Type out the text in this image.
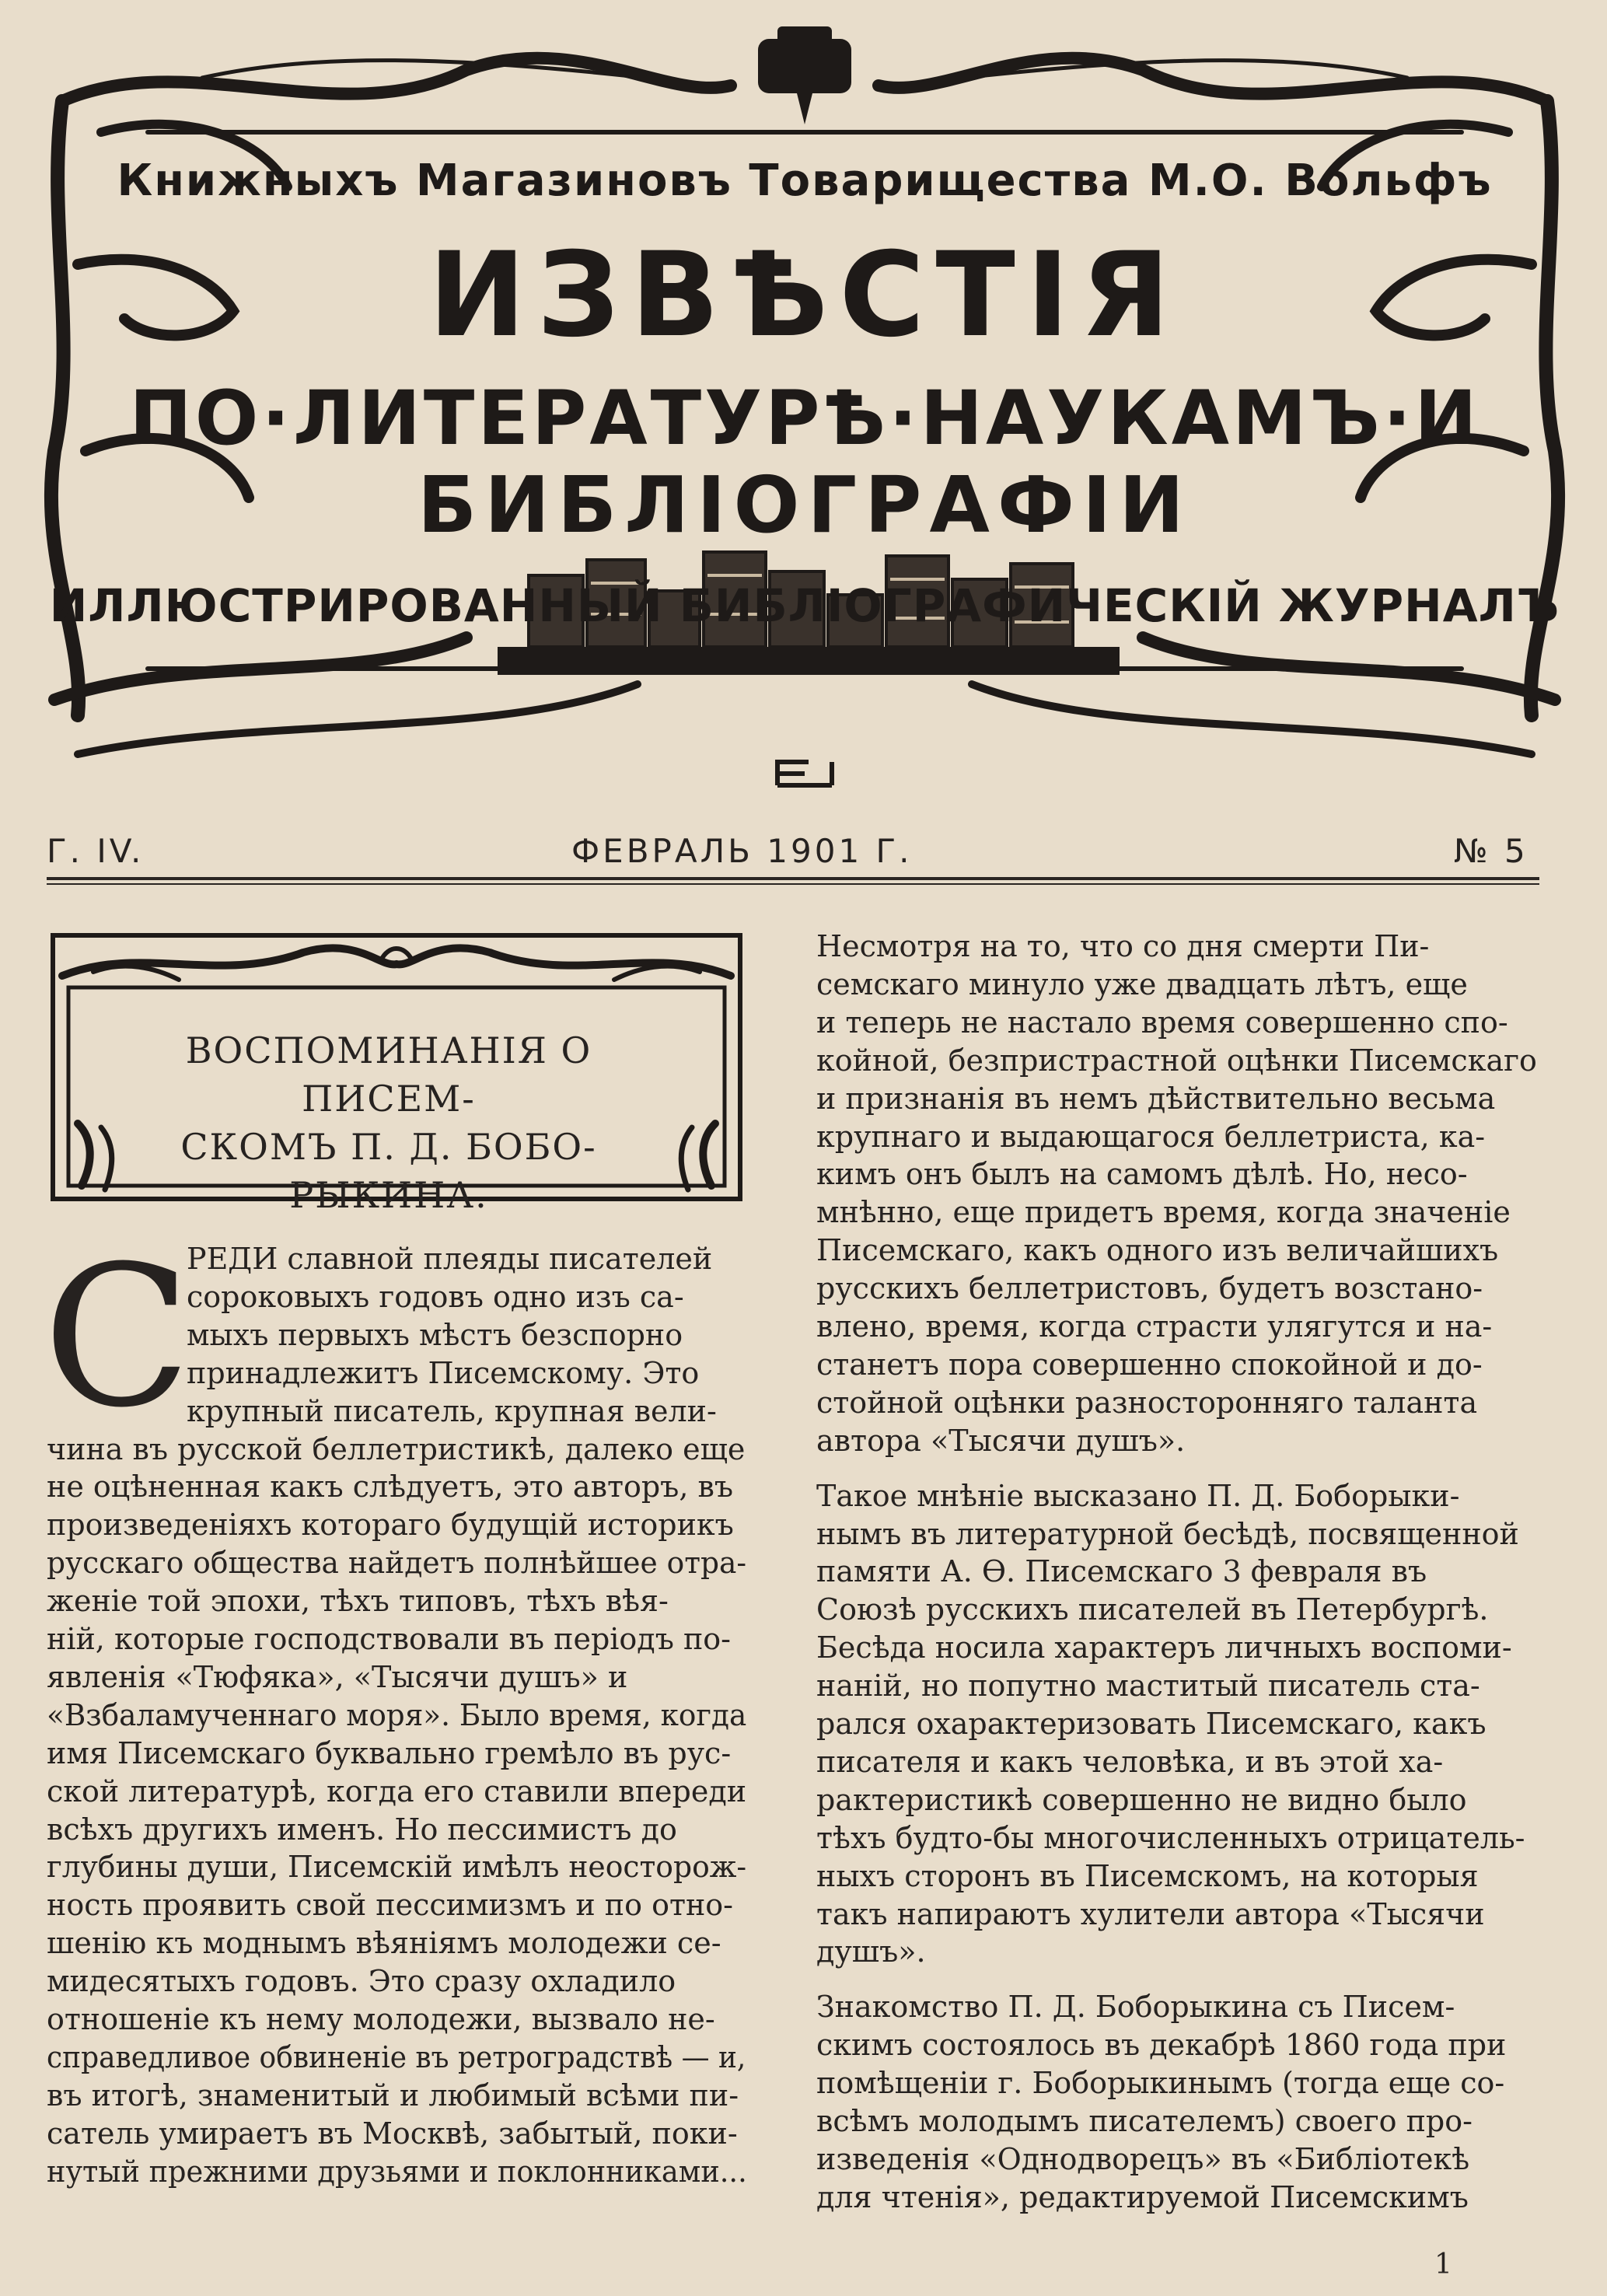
Книжныхъ Магазиновъ Товарищества М.О. Вольфъ
ИЗВѢСТІЯ
ПО·ЛИТЕРАТУРѢ·НАУКАМЪ·И
БИБЛІОГРАФІИ
ИЛЛЮСТРИРОВАННЫЙ БИБЛІОГРАФИЧЕСКІЙ ЖУРНАЛЪ
Г. IV.	ФЕВРАЛЬ 1901 Г.	№ 5
ВОСПОМИНАНІЯ О ПИСЕМ-
СКОМЪ П. Д. БОБО-
РЫКИНА.
С
РЕДИ славной плеяды писателей
сороковыхъ годовъ одно изъ са-
мыхъ первыхъ мѣстъ безспорно
принадлежитъ Писемскому. Это
крупный писатель, крупная вели-
чина въ русской беллетристикѣ, далеко еще
не оцѣненная какъ слѣдуетъ, это авторъ, въ
произведеніяхъ котораго будущій историкъ
русскаго общества найдетъ полнѣйшее отра-
женіе той эпохи, тѣхъ типовъ, тѣхъ вѣя-
ній, которые господствовали въ періодъ по-
явленія «Тюфяка», «Тысячи душъ» и
«Взбаламученнаго моря». Было время, когда
имя Писемскаго буквально гремѣло въ рус-
ской литературѣ, когда его ставили впереди
всѣхъ другихъ именъ. Но пессимистъ до
глубины души, Писемскій имѣлъ неосторож-
ность проявить свой пессимизмъ и по отно-
шенію къ моднымъ вѣяніямъ молодежи се-
мидесятыхъ годовъ. Это сразу охладило
отношеніе къ нему молодежи, вызвало не-
справедливое обвиненіе въ ретроградствѣ — и,
въ итогѣ, знаменитый и любимый всѣми пи-
сатель умираетъ въ Москвѣ, забытый, поки-
нутый прежними друзьями и поклонниками...
Несмотря на то, что со дня смерти Пи-
семскаго минуло уже двадцать лѣтъ, еще
и теперь не настало время совершенно спо-
койной, безпристрастной оцѣнки Писемскаго
и признанія въ немъ дѣйствительно весьма
крупнаго и выдающагося беллетриста, ка-
кимъ онъ былъ на самомъ дѣлѣ. Но, несо-
мнѣнно, еще придетъ время, когда значеніе
Писемскаго, какъ одного изъ величайшихъ
русскихъ беллетристовъ, будетъ возстано-
влено, время, когда страсти улягутся и на-
станетъ пора совершенно спокойной и до-
стойной оцѣнки разносторонняго таланта
автора «Тысячи душъ».
Такое мнѣніе высказано П. Д. Боборыки-
нымъ въ литературной бесѣдѣ, посвященной
памяти А. Ѳ. Писемскаго 3 февраля въ
Союзѣ русскихъ писателей въ Петербургѣ.
Бесѣда носила характеръ личныхъ воспоми-
наній, но попутно маститый писатель ста-
рался охарактеризовать Писемскаго, какъ
писателя и какъ человѣка, и въ этой ха-
рактеристикѣ совершенно не видно было
тѣхъ будто-бы многочисленныхъ отрицатель-
ныхъ сторонъ въ Писемскомъ, на которыя
такъ напираютъ хулители автора «Тысячи
душъ».
Знакомство П. Д. Боборыкина съ Писем-
скимъ состоялось въ декабрѣ 1860 года при
помѣщеніи г. Боборыкинымъ (тогда еще со-
всѣмъ молодымъ писателемъ) своего про-
изведенія «Однодворецъ» въ «Библіотекѣ
для чтенія», редактируемой Писемскимъ
1
